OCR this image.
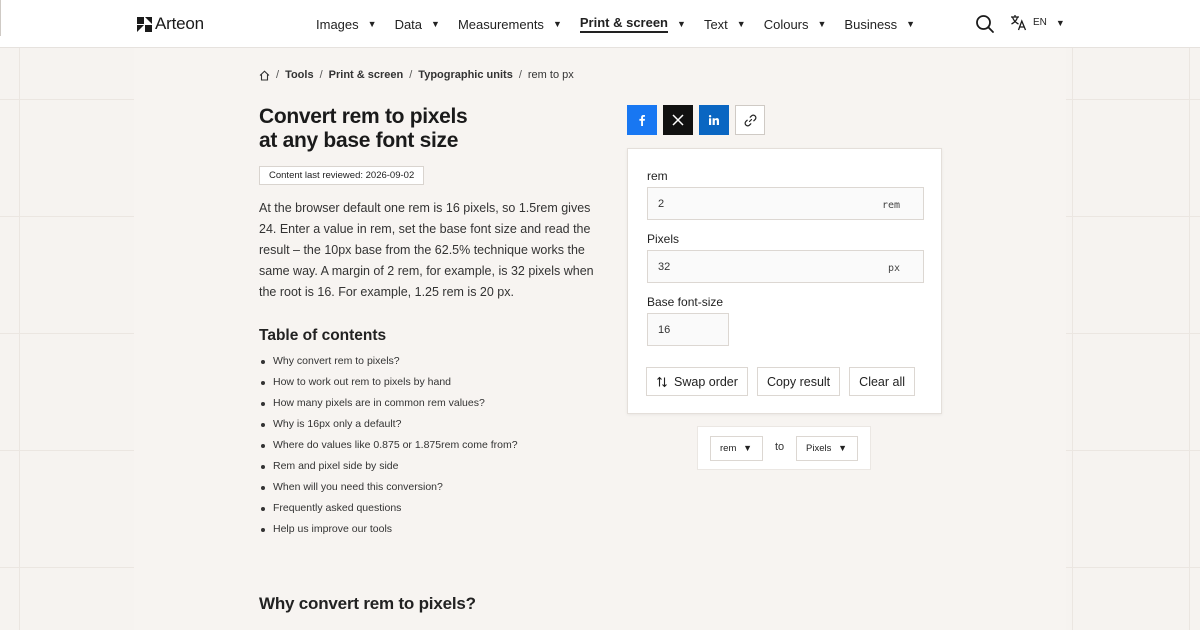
Arteon	Images ▼ Data ▼ Measurements ▼ Print & screen ▼ Text ▼ Colours ▼ Business ▼	EN ▼
/ Tools / Print & screen / Typographic units / rem to px
Convert rem to pixels
at any base font size
Content last reviewed: 2026-09-02

At the browser default one rem is 16 pixels, so 1.5rem gives 24. Enter a value in rem, set the base font size and read the result – the 10px base from the 62.5% technique works the same way. A margin of 2 rem, for example, is 32 pixels when the root is 16. For example, 1.25 rem is 20 px.

Table of contents
Why convert rem to pixels?
How to work out rem to pixels by hand
How many pixels are in common rem values?
Why is 16px only a default?
Where do values like 0.875 or 1.875rem come from?
Rem and pixel side by side
When will you need this conversion?
Frequently asked questions
Help us improve our tools
Why convert rem to pixels?
rem
2	rem
Pixels
32	px
Base font-size
16
Swap order Copy result Clear all
rem ▼ to Pixels ▼
